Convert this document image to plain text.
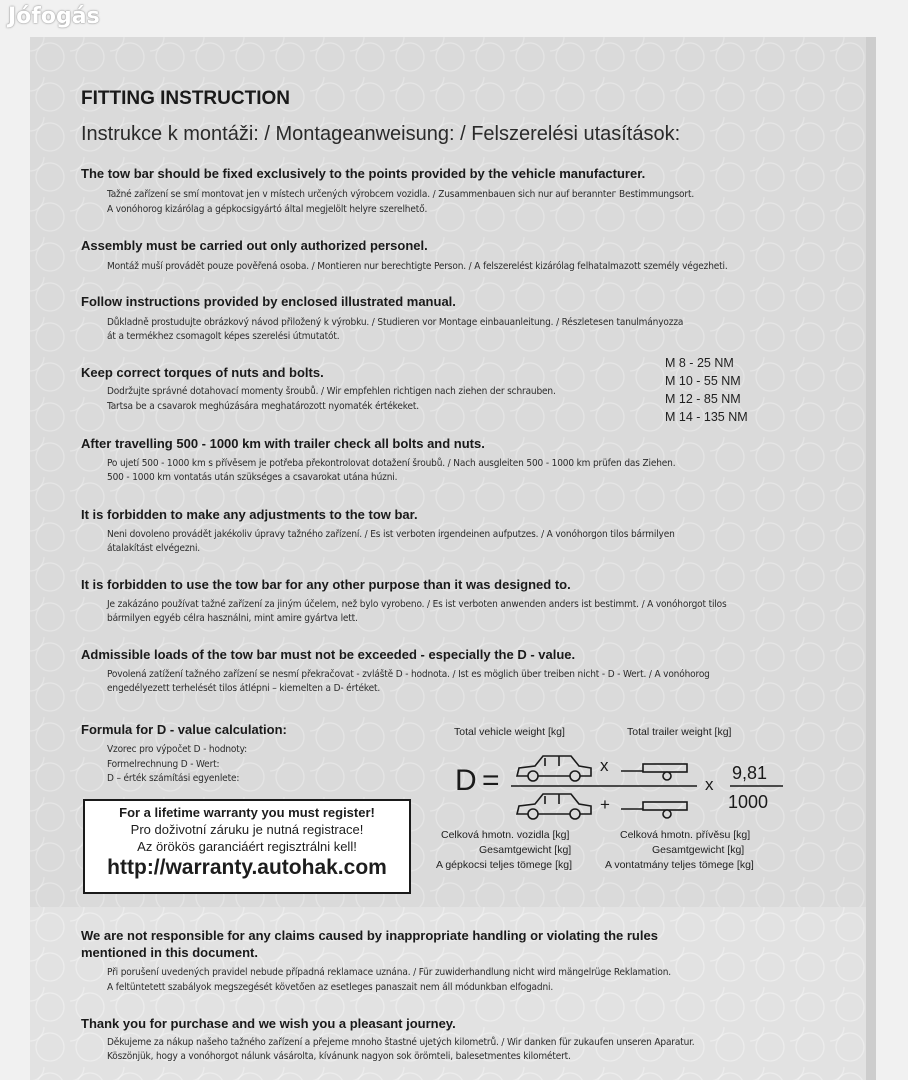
Jófogás
FITTING INSTRUCTION
Instrukce k montáži: / Montageanweisung: / Felszerelési utasítások:
The tow bar should be fixed exclusively to the points provided by the vehicle manufacturer.
Tažné zařízení se smí montovat jen v místech určených výrobcem vozidla. / Zusammenbauen sich nur auf beranntег Bestimmungsort.
A vonóhorog kizárólag a gépkocsigyártó által megjelölt helyre szerelhető.
Assembly must be carried out only authorized personel.
Montáž muší provádět pouze pověřená osoba. / Montieren nur berechtigte Person. / A felszerelést kizárólag felhatalmazott személy végezheti.
Follow instructions provided by enclosed illustrated manual.
Důkladně prostudujte obrázkový návod přiložený k výrobku. / Studieren vor Montage einbauanleitung. / Részletesen tanulmányozza
át a termékhez csomagolt képes szerelési útmutatót.
Keep correct torques of nuts and bolts.
Dodržujte správné dotahovací momenty šroubů. / Wir empfehlen richtigen nach ziehen der schrauben.
Tartsa be a csavarok meghúzására meghatározott nyomaték értékeket.
M 8 - 25 NM
M 10 - 55 NM
M 12 - 85 NM
M 14 - 135 NM
After travelling 500 - 1000 km with trailer check all bolts and nuts.
Po ujetí 500 - 1000 km s přívěsem je potřeba překontrolovat dotažení šroubů. / Nach ausgleiten 500 - 1000 km prüfen das Ziehen.
500 - 1000 km vontatás után szükséges a csavarokat utána húzni.
It is forbidden to make any adjustments to the tow bar.
Neni dovoleno provádět jakékoliv úpravy tažného zařízení. / Es ist verboten irgendeinen aufputzes. / A vonóhorgon tilos bármilyen
átalakítást elvégezni.
It is forbidden to use the tow bar for any other purpose than it was designed to.
Je zakázáno používat tažné zařízení za jiným účelem, než bylo vyrobeno. / Es ist verboten anwenden anders ist bestimmt. / A vonóhorgot tilos
bármilyen egyéb célra használni, mint amire gyártva lett.
Admissible loads of the tow bar must not be exceeded - especially the D - value.
Povolená zatížení tažného zařízení se nesmí překračovat - zvláště D - hodnota. / Ist es möglich über treiben nicht - D - Wert. / A vonóhorog
engedélyezett terhelését tilos átlépni – kiemelten a D- értéket.
Formula for D - value calculation:
Vzorec pro výpočet D - hodnoty:
Formelrechnung D - Wert:
D – érték számítási egyenlete:
Total vehicle weight [kg]	Total trailer weight [kg]
D =	x
+
x
9,81
1000
Celková hmotn. vozidla [kg]
Gesamtgewicht [kg]
A gépkocsi teljes tömege [kg]
Celková hmotn. přívěsu [kg]
Gesamtgewicht [kg]
A vontatmány teljes tömege [kg]
For a lifetime warranty you must register!
Pro doživotní záruku je nutná registrace!
Az örökös garanciáért regisztrálni kell!
http://warranty.autohak.com
We are not responsible for any claims caused by inappropriate handling or violating the rules
mentioned in this document.
Při porušení uvedených pravidel nebude případná reklamace uznána. / Für zuwiderhandlung nicht wird mängelrüge Reklamation.
A feltüntetett szabályok megszegését követően az esetleges panaszait nem áll módunkban elfogadni.
Thank you for purchase and we wish you a pleasant journey.
Děkujeme za nákup našeho tažného zařízení a přejeme mnoho štastné ujetých kilometrů. / Wir danken für zukaufen unseren Aparatur.
Köszönjük, hogy a vonóhorgot nálunk vásárolta, kívánunk nagyon sok örömteli, balesetmentes kilométert.
